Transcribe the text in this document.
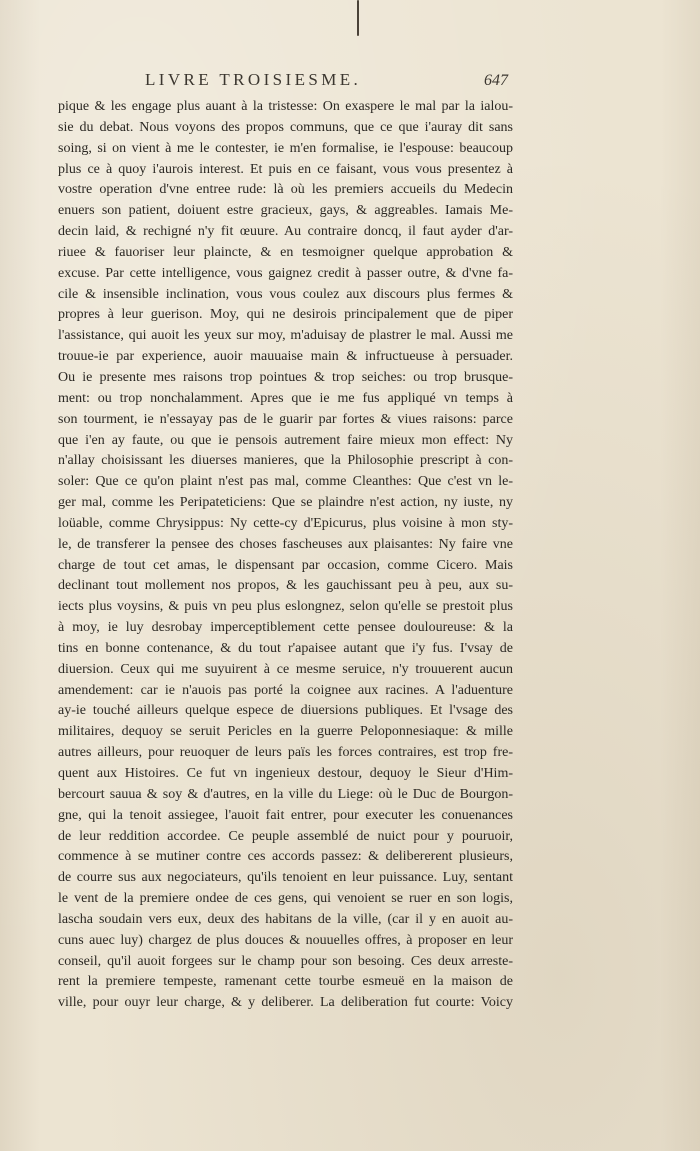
LIVRE TROISIESME.	647
pique & les engage plus auant à la tristesse: On exaspere le mal par la ialou-
sie du debat. Nous voyons des propos communs, que ce que i'auray dit sans
soing, si on vient à me le contester, ie m'en formalise, ie l'espouse: beaucoup
plus ce à quoy i'aurois interest. Et puis en ce faisant, vous vous presentez à
vostre operation d'vne entree rude: là où les premiers accueils du Medecin
enuers son patient, doiuent estre gracieux, gays, & aggreables. Iamais Me-
decin laid, & rechigné n'y fit œuure. Au contraire doncq, il faut ayder d'ar-
riuee & fauoriser leur plaincte, & en tesmoigner quelque approbation &
excuse. Par cette intelligence, vous gaignez credit à passer outre, & d'vne fa-
cile & insensible inclination, vous vous coulez aux discours plus fermes &
propres à leur guerison. Moy, qui ne desirois principalement que de piper
l'assistance, qui auoit les yeux sur moy, m'aduisay de plastrer le mal. Aussi me
trouue-ie par experience, auoir mauuaise main & infructueuse à persuader.
Ou ie presente mes raisons trop pointues & trop seiches: ou trop brusque-
ment: ou trop nonchalamment. Apres que ie me fus appliqué vn temps à
son tourment, ie n'essayay pas de le guarir par fortes & viues raisons: parce
que i'en ay faute, ou que ie pensois autrement faire mieux mon effect: Ny
n'allay choisissant les diuerses manieres, que la Philosophie prescript à con-
soler: Que ce qu'on plaint n'est pas mal, comme Cleanthes: Que c'est vn le-
ger mal, comme les Peripateticiens: Que se plaindre n'est action, ny iuste, ny
loüable, comme Chrysippus: Ny cette-cy d'Epicurus, plus voisine à mon sty-
le, de transferer la pensee des choses fascheuses aux plaisantes: Ny faire vne
charge de tout cet amas, le dispensant par occasion, comme Cicero. Mais
declinant tout mollement nos propos, & les gauchissant peu à peu, aux su-
iects plus voysins, & puis vn peu plus eslongnez, selon qu'elle se prestoit plus
à moy, ie luy desrobay imperceptiblement cette pensee douloureuse: & la
tins en bonne contenance, & du tout r'apaisee autant que i'y fus. I'vsay de
diuersion. Ceux qui me suyuirent à ce mesme seruice, n'y trouuerent aucun
amendement: car ie n'auois pas porté la coignee aux racines. A l'aduenture
ay-ie touché ailleurs quelque espece de diuersions publiques. Et l'vsage des
militaires, dequoy se seruit Pericles en la guerre Peloponnesiaque: & mille
autres ailleurs, pour reuoquer de leurs païs les forces contraires, est trop fre-
quent aux Histoires. Ce fut vn ingenieux destour, dequoy le Sieur d'Him-
bercourt sauua & soy & d'autres, en la ville du Liege: où le Duc de Bourgon-
gne, qui la tenoit assiegee, l'auoit fait entrer, pour executer les conuenances
de leur reddition accordee. Ce peuple assemblé de nuict pour y pouruoir,
commence à se mutiner contre ces accords passez: & delibererent plusieurs,
de courre sus aux negociateurs, qu'ils tenoient en leur puissance. Luy, sentant
le vent de la premiere ondee de ces gens, qui venoient se ruer en son logis,
lascha soudain vers eux, deux des habitans de la ville, (car il y en auoit au-
cuns auec luy) chargez de plus douces & nouuelles offres, à proposer en leur
conseil, qu'il auoit forgees sur le champ pour son besoing. Ces deux arreste-
rent la premiere tempeste, ramenant cette tourbe esmeuë en la maison de
ville, pour ouyr leur charge, & y deliberer. La deliberation fut courte: Voicy
